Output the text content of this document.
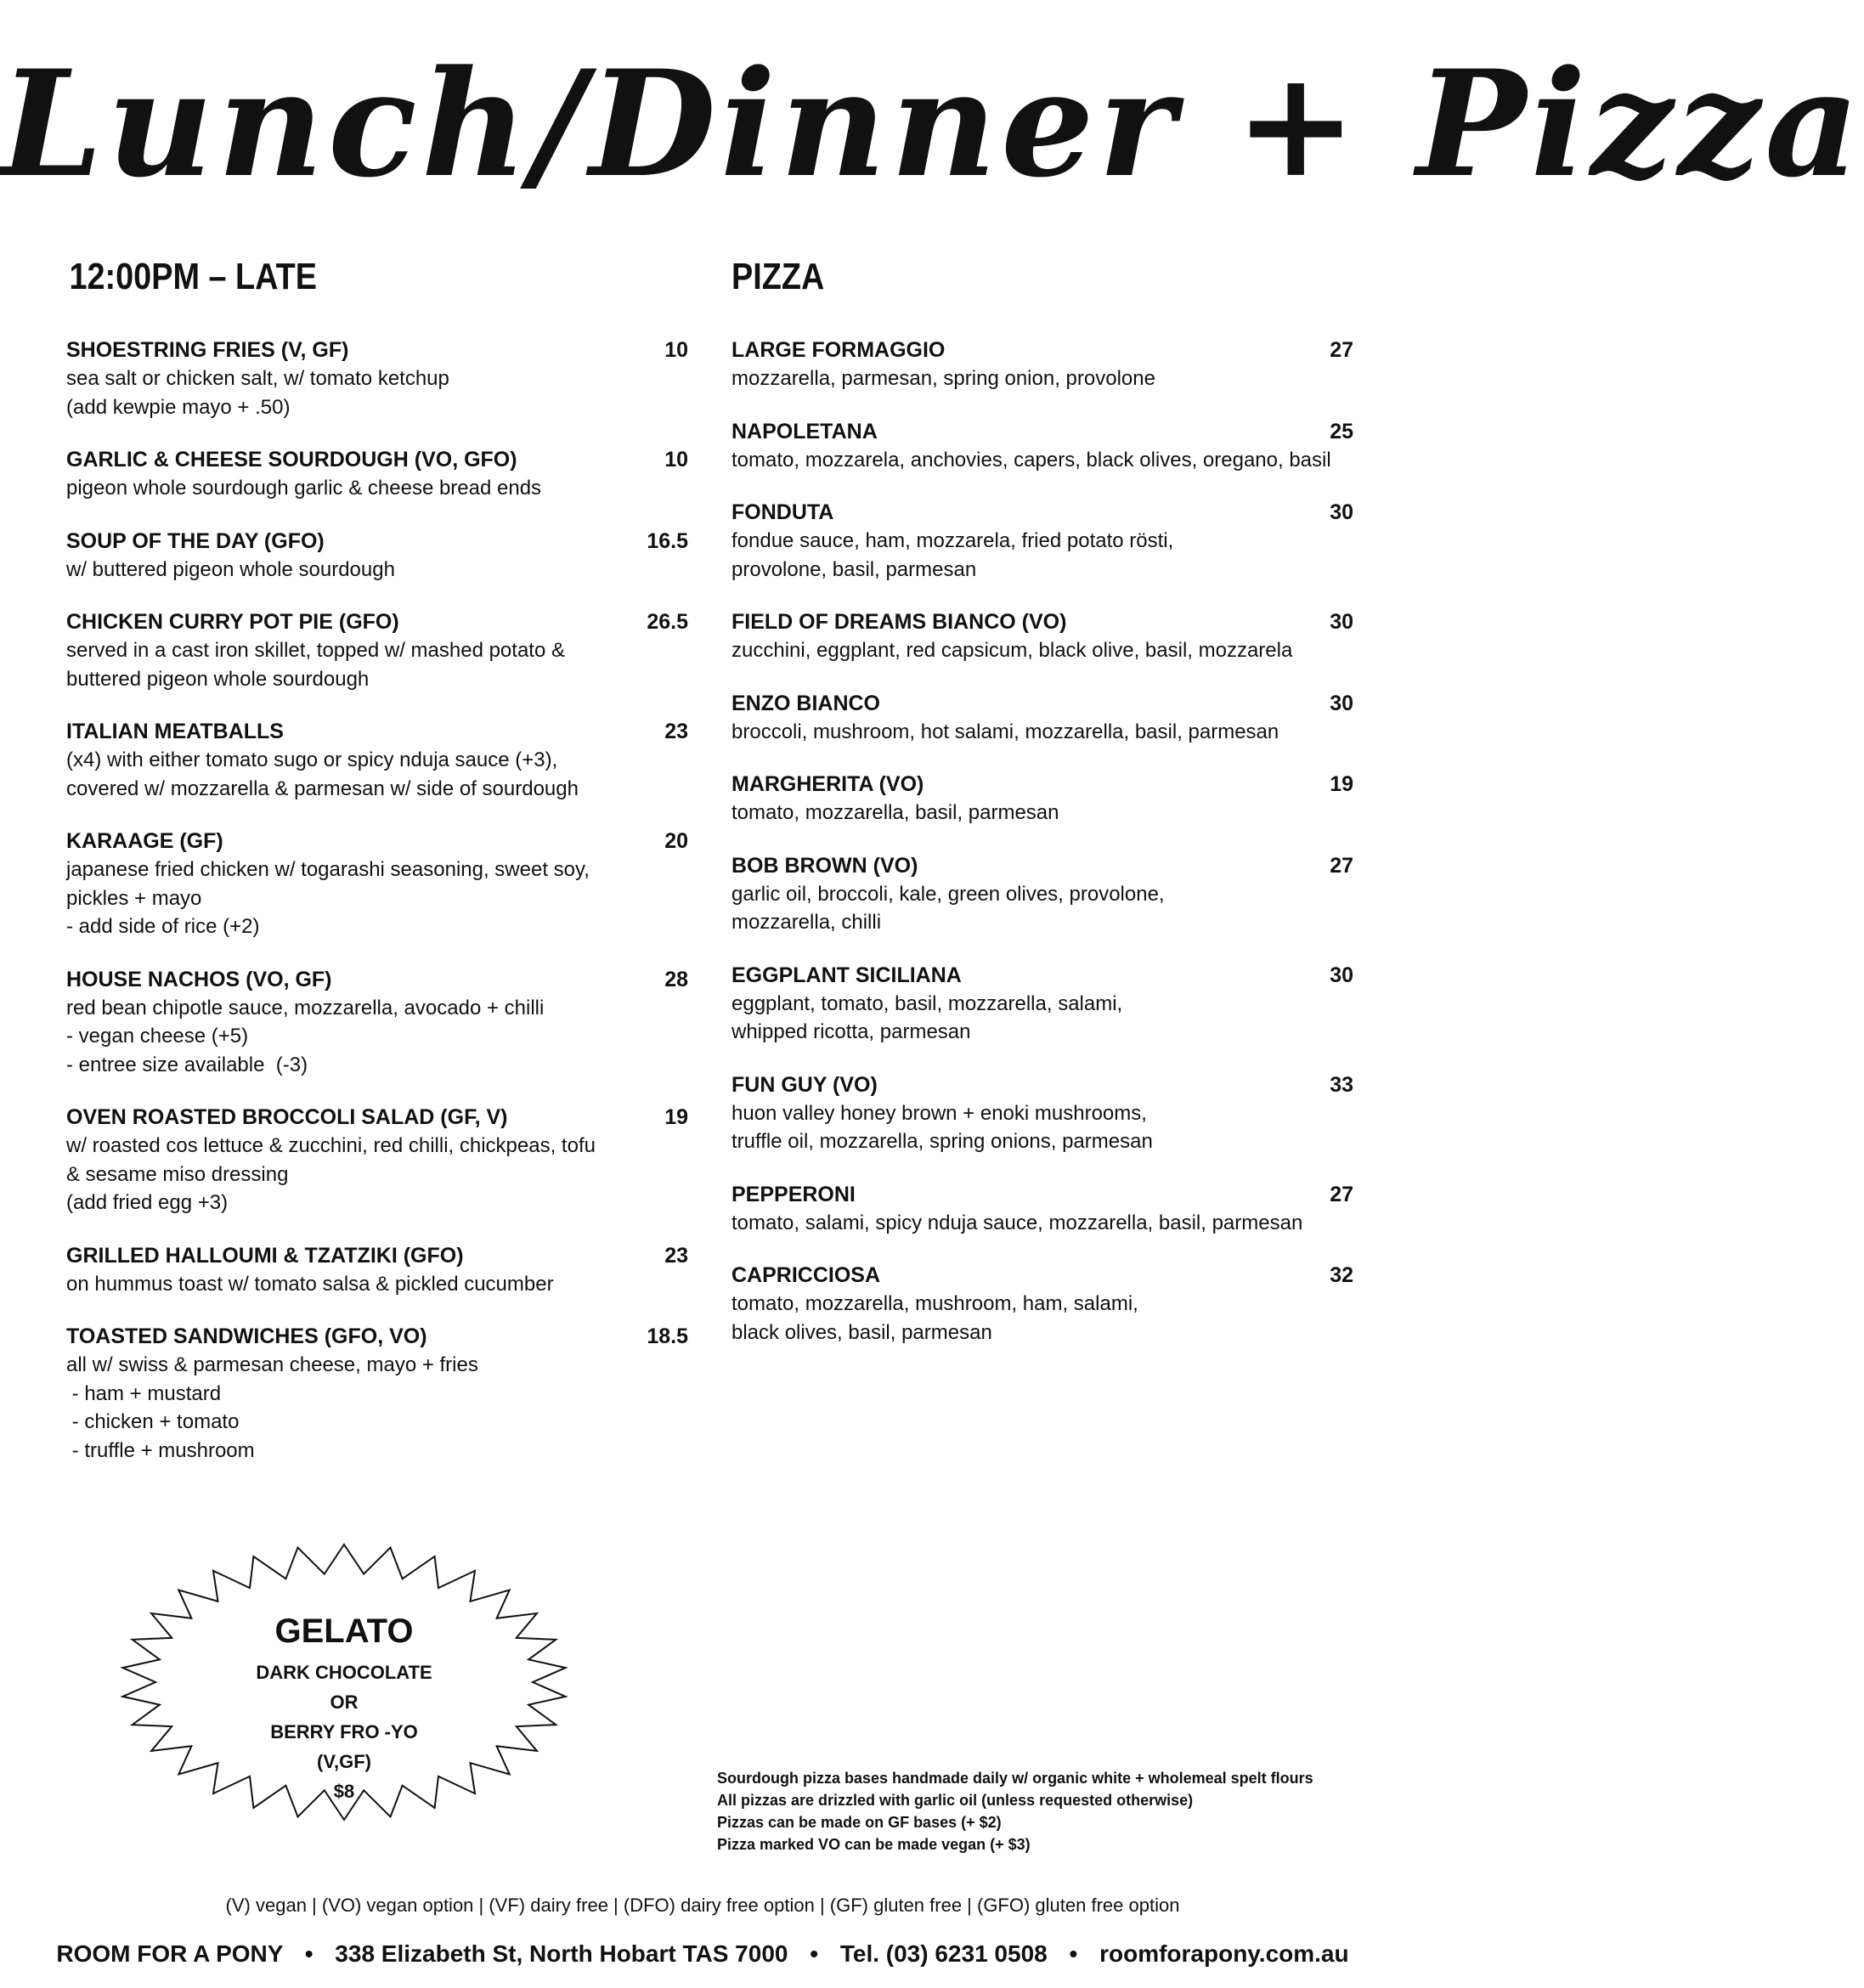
Lunch/Dinner + Pizza
12:00PM – LATE
SHOESTRING FRIES (V, GF)	10
sea salt or chicken salt, w/ tomato ketchup
(add kewpie mayo + .50)
GARLIC & CHEESE SOURDOUGH (VO, GFO)	10
pigeon whole sourdough garlic & cheese bread ends
SOUP OF THE DAY (GFO)	16.5
w/ buttered pigeon whole sourdough
CHICKEN CURRY POT PIE (GFO)	26.5
served in a cast iron skillet, topped w/ mashed potato &
buttered pigeon whole sourdough
ITALIAN MEATBALLS	23
(x4) with either tomato sugo or spicy nduja sauce (+3),
covered w/ mozzarella & parmesan w/ side of sourdough
KARAAGE (GF)	20
japanese fried chicken w/ togarashi seasoning, sweet soy,
pickles + mayo
- add side of rice (+2)
HOUSE NACHOS (VO, GF)	28
red bean chipotle sauce, mozzarella, avocado + chilli
- vegan cheese (+5)
- entree size available  (-3)
OVEN ROASTED BROCCOLI SALAD (GF, V)	19
w/ roasted cos lettuce & zucchini, red chilli, chickpeas, tofu
& sesame miso dressing
(add fried egg +3)
GRILLED HALLOUMI & TZATZIKI (GFO)	23
on hummus toast w/ tomato salsa & pickled cucumber
TOASTED SANDWICHES (GFO, VO)	18.5
all w/ swiss & parmesan cheese, mayo + fries
- ham + mustard
- chicken + tomato
- truffle + mushroom
PIZZA
LARGE FORMAGGIO	27
mozzarella, parmesan, spring onion, provolone
NAPOLETANA	25
tomato, mozzarela, anchovies, capers, black olives, oregano, basil
FONDUTA	30
fondue sauce, ham, mozzarela, fried potato rösti,
provolone, basil, parmesan
FIELD OF DREAMS BIANCO (VO)	30
zucchini, eggplant, red capsicum, black olive, basil, mozzarela
ENZO BIANCO	30
broccoli, mushroom, hot salami, mozzarella, basil, parmesan
MARGHERITA (VO)	19
tomato, mozzarella, basil, parmesan
BOB BROWN (VO)	27
garlic oil, broccoli, kale, green olives, provolone,
mozzarella, chilli
EGGPLANT SICILIANA	30
eggplant, tomato, basil, mozzarella, salami,
whipped ricotta, parmesan
FUN GUY (VO)	33
huon valley honey brown + enoki mushrooms,
truffle oil, mozzarella, spring onions, parmesan
PEPPERONI	27
tomato, salami, spicy nduja sauce, mozzarella, basil, parmesan
CAPRICCIOSA	32
tomato, mozzarella, mushroom, ham, salami,
black olives, basil, parmesan
GELATO
DARK CHOCOLATE
OR
BERRY FRO -YO
(V,GF)
$8
Sourdough pizza bases handmade daily w/ organic white + wholemeal spelt flours
All pizzas are drizzled with garlic oil (unless requested otherwise)
Pizzas can be made on GF bases (+ $2)
Pizza marked VO can be made vegan (+ $3)
(V) vegan | (VO) vegan option | (VF) dairy free | (DFO) dairy free option | (GF) gluten free | (GFO) gluten free option
ROOM FOR A PONY • 338 Elizabeth St, North Hobart TAS 7000 • Tel. (03) 6231 0508 • roomforapony.com.au
